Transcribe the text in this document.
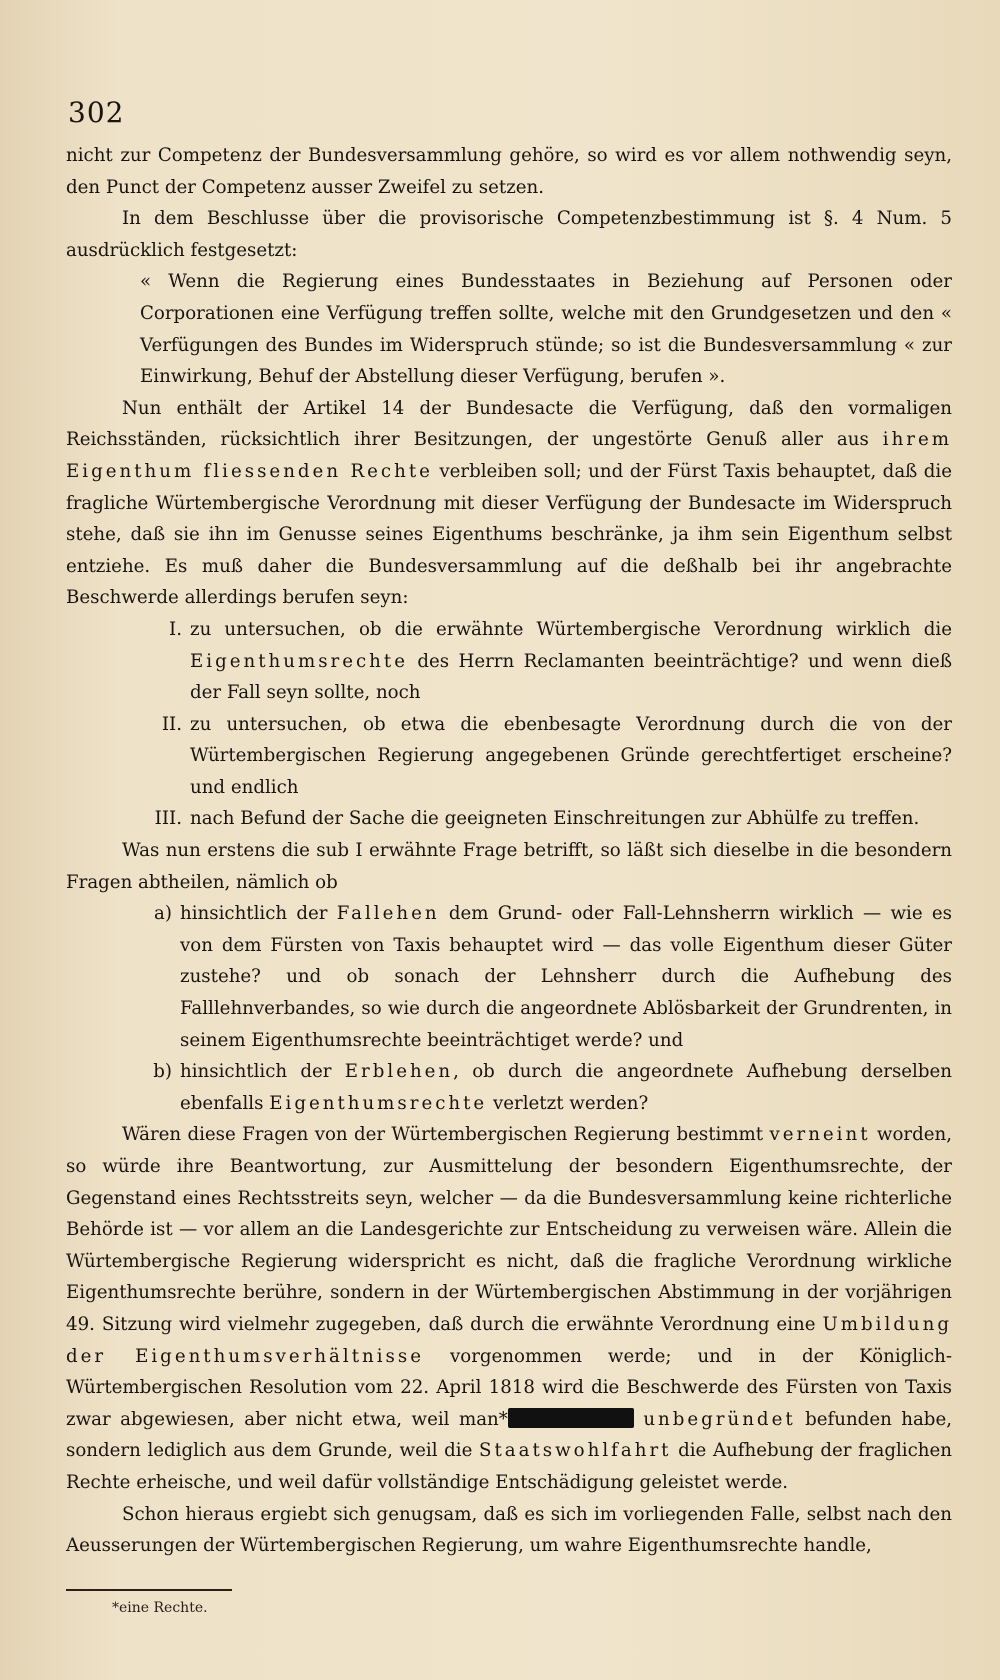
302

nicht zur Competenz der Bundesversammlung gehöre, so wird es vor allem nothwendig seyn, den Punct der Competenz ausser Zweifel zu setzen.

In dem Beschlusse über die provisorische Competenzbestimmung ist §. 4 Num. 5 ausdrücklich festgesetzt:

« Wenn die Regierung eines Bundesstaates in Beziehung auf Personen oder Corporationen eine Verfügung treffen sollte, welche mit den Grundgesetzen und den « Verfügungen des Bundes im Widerspruch stünde; so ist die Bundesversammlung « zur Einwirkung, Behuf der Abstellung dieser Verfügung, berufen ».

Nun enthält der Artikel 14 der Bundesacte die Verfügung, daß den vormaligen Reichsständen, rücksichtlich ihrer Besitzungen, der ungestörte Genuß aller aus ihrem Eigenthum fliessenden Rechte verbleiben soll; und der Fürst Taxis behauptet, daß die fragliche Würtembergische Verordnung mit dieser Verfügung der Bundesacte im Widerspruch stehe, daß sie ihn im Genusse seines Eigenthums beschränke, ja ihm sein Eigenthum selbst entziehe. Es muß daher die Bundesversammlung auf die deßhalb bei ihr angebrachte Beschwerde allerdings berufen seyn:

I. zu untersuchen, ob die erwähnte Würtembergische Verordnung wirklich die Eigenthumsrechte des Herrn Reclamanten beeinträchtige? und wenn dieß der Fall seyn sollte, noch
II. zu untersuchen, ob etwa die ebenbesagte Verordnung durch die von der Würtembergischen Regierung angegebenen Gründe gerechtfertiget erscheine? und endlich
III. nach Befund der Sache die geeigneten Einschreitungen zur Abhülfe zu treffen.

Was nun erstens die sub I erwähnte Frage betrifft, so läßt sich dieselbe in die besondern Fragen abtheilen, nämlich ob

a) hinsichtlich der Fallehen dem Grund- oder Fall-Lehnsherrn wirklich — wie es von dem Fürsten von Taxis behauptet wird — das volle Eigenthum dieser Güter zustehe? und ob sonach der Lehnsherr durch die Aufhebung des Falllehnverbandes, so wie durch die angeordnete Ablösbarkeit der Grundrenten, in seinem Eigenthumsrechte beeinträchtiget werde? und
b) hinsichtlich der Erblehen, ob durch die angeordnete Aufhebung derselben ebenfalls Eigenthumsrechte verletzt werden?

Wären diese Fragen von der Würtembergischen Regierung bestimmt verneint worden, so würde ihre Beantwortung, zur Ausmittelung der besondern Eigenthumsrechte, der Gegenstand eines Rechtsstreits seyn, welcher — da die Bundesversammlung keine richterliche Behörde ist — vor allem an die Landesgerichte zur Entscheidung zu verweisen wäre. Allein die Würtembergische Regierung widerspricht es nicht, daß die fragliche Verordnung wirkliche Eigenthumsrechte berühre, sondern in der Würtembergischen Abstimmung in der vorjährigen 49. Sitzung wird vielmehr zugegeben, daß durch die erwähnte Verordnung eine Umbildung der Eigenthumsverhältnisse vorgenommen werde; und in der Königlich-Würtembergischen Resolution vom 22. April 1818 wird die Beschwerde des Fürsten von Taxis zwar abgewiesen, aber nicht etwa, weil man*	unbegründet befunden habe, sondern lediglich aus dem Grunde, weil die Staatswohlfahrt die Aufhebung der fraglichen Rechte erheische, und weil dafür vollständige Entschädigung geleistet werde.

Schon hieraus ergiebt sich genugsam, daß es sich im vorliegenden Falle, selbst nach den Aeusserungen der Würtembergischen Regierung, um wahre Eigenthumsrechte handle,

*eine Rechte.
